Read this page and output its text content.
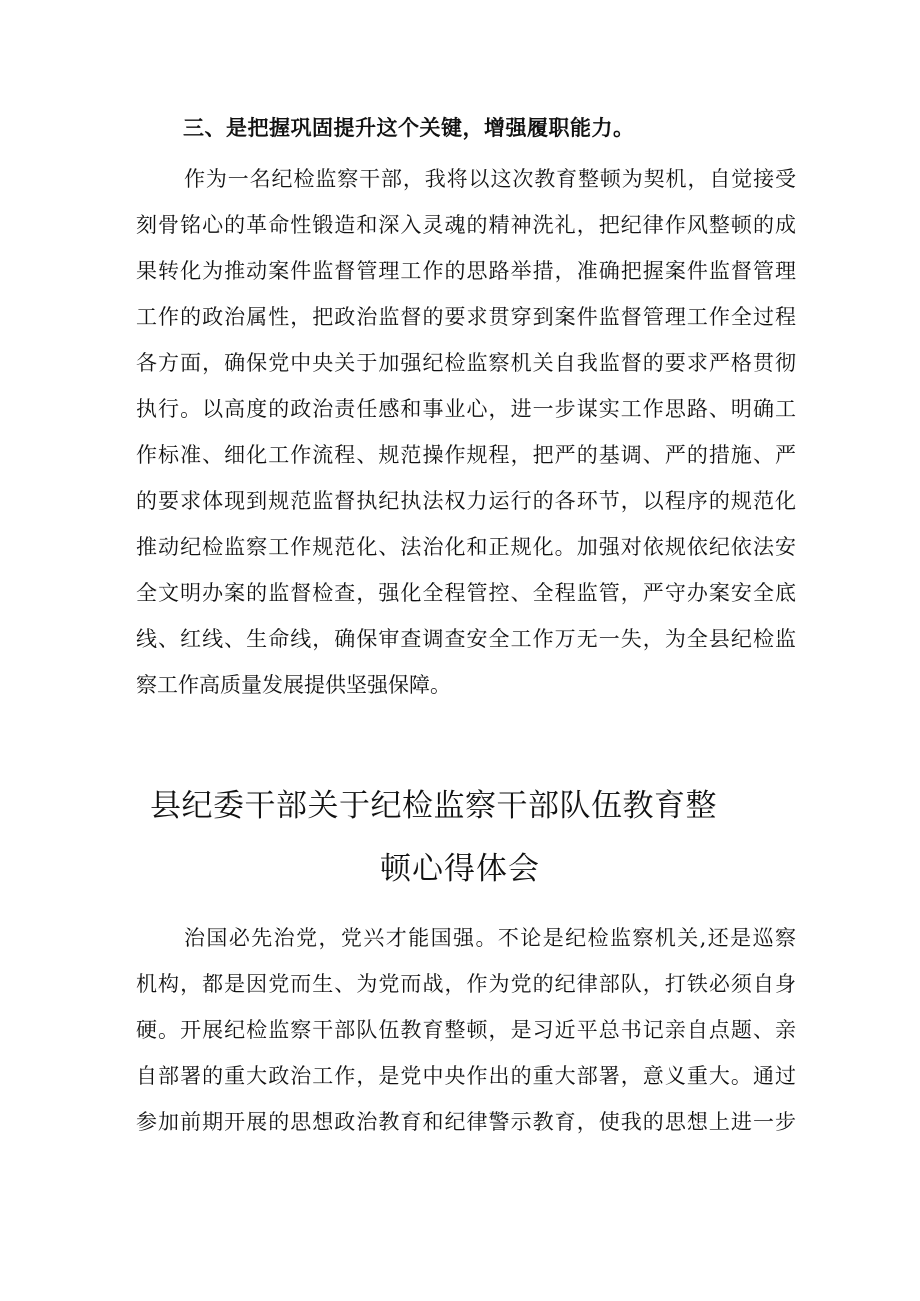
三、是把握巩固提升这个关键，增强履职能力。
作为一名纪检监察干部，我将以这次教育整顿为契机，自觉接受
刻骨铭心的革命性锻造和深入灵魂的精神洗礼，把纪律作风整顿的成
果转化为推动案件监督管理工作的思路举措，准确把握案件监督管理
工作的政治属性，把政治监督的要求贯穿到案件监督管理工作全过程
各方面，确保党中央关于加强纪检监察机关自我监督的要求严格贯彻
执行。以高度的政治责任感和事业心，进一步谋实工作思路、明确工
作标准、细化工作流程、规范操作规程，把严的基调、严的措施、严
的要求体现到规范监督执纪执法权力运行的各环节，以程序的规范化
推动纪检监察工作规范化、法治化和正规化。加强对依规依纪依法安
全文明办案的监督检查，强化全程管控、全程监管，严守办案安全底
线、红线、生命线，确保审查调查安全工作万无一失，为全县纪检监
察工作高质量发展提供坚强保障。
县纪委干部关于纪检监察干部队伍教育整
顿心得体会
治国必先治党，党兴才能国强。不论是纪检监察机关,还是巡察
机构，都是因党而生、为党而战，作为党的纪律部队，打铁必须自身
硬。开展纪检监察干部队伍教育整顿，是习近平总书记亲自点题、亲
自部署的重大政治工作，是党中央作出的重大部署，意义重大。通过
参加前期开展的思想政治教育和纪律警示教育，使我的思想上进一步
